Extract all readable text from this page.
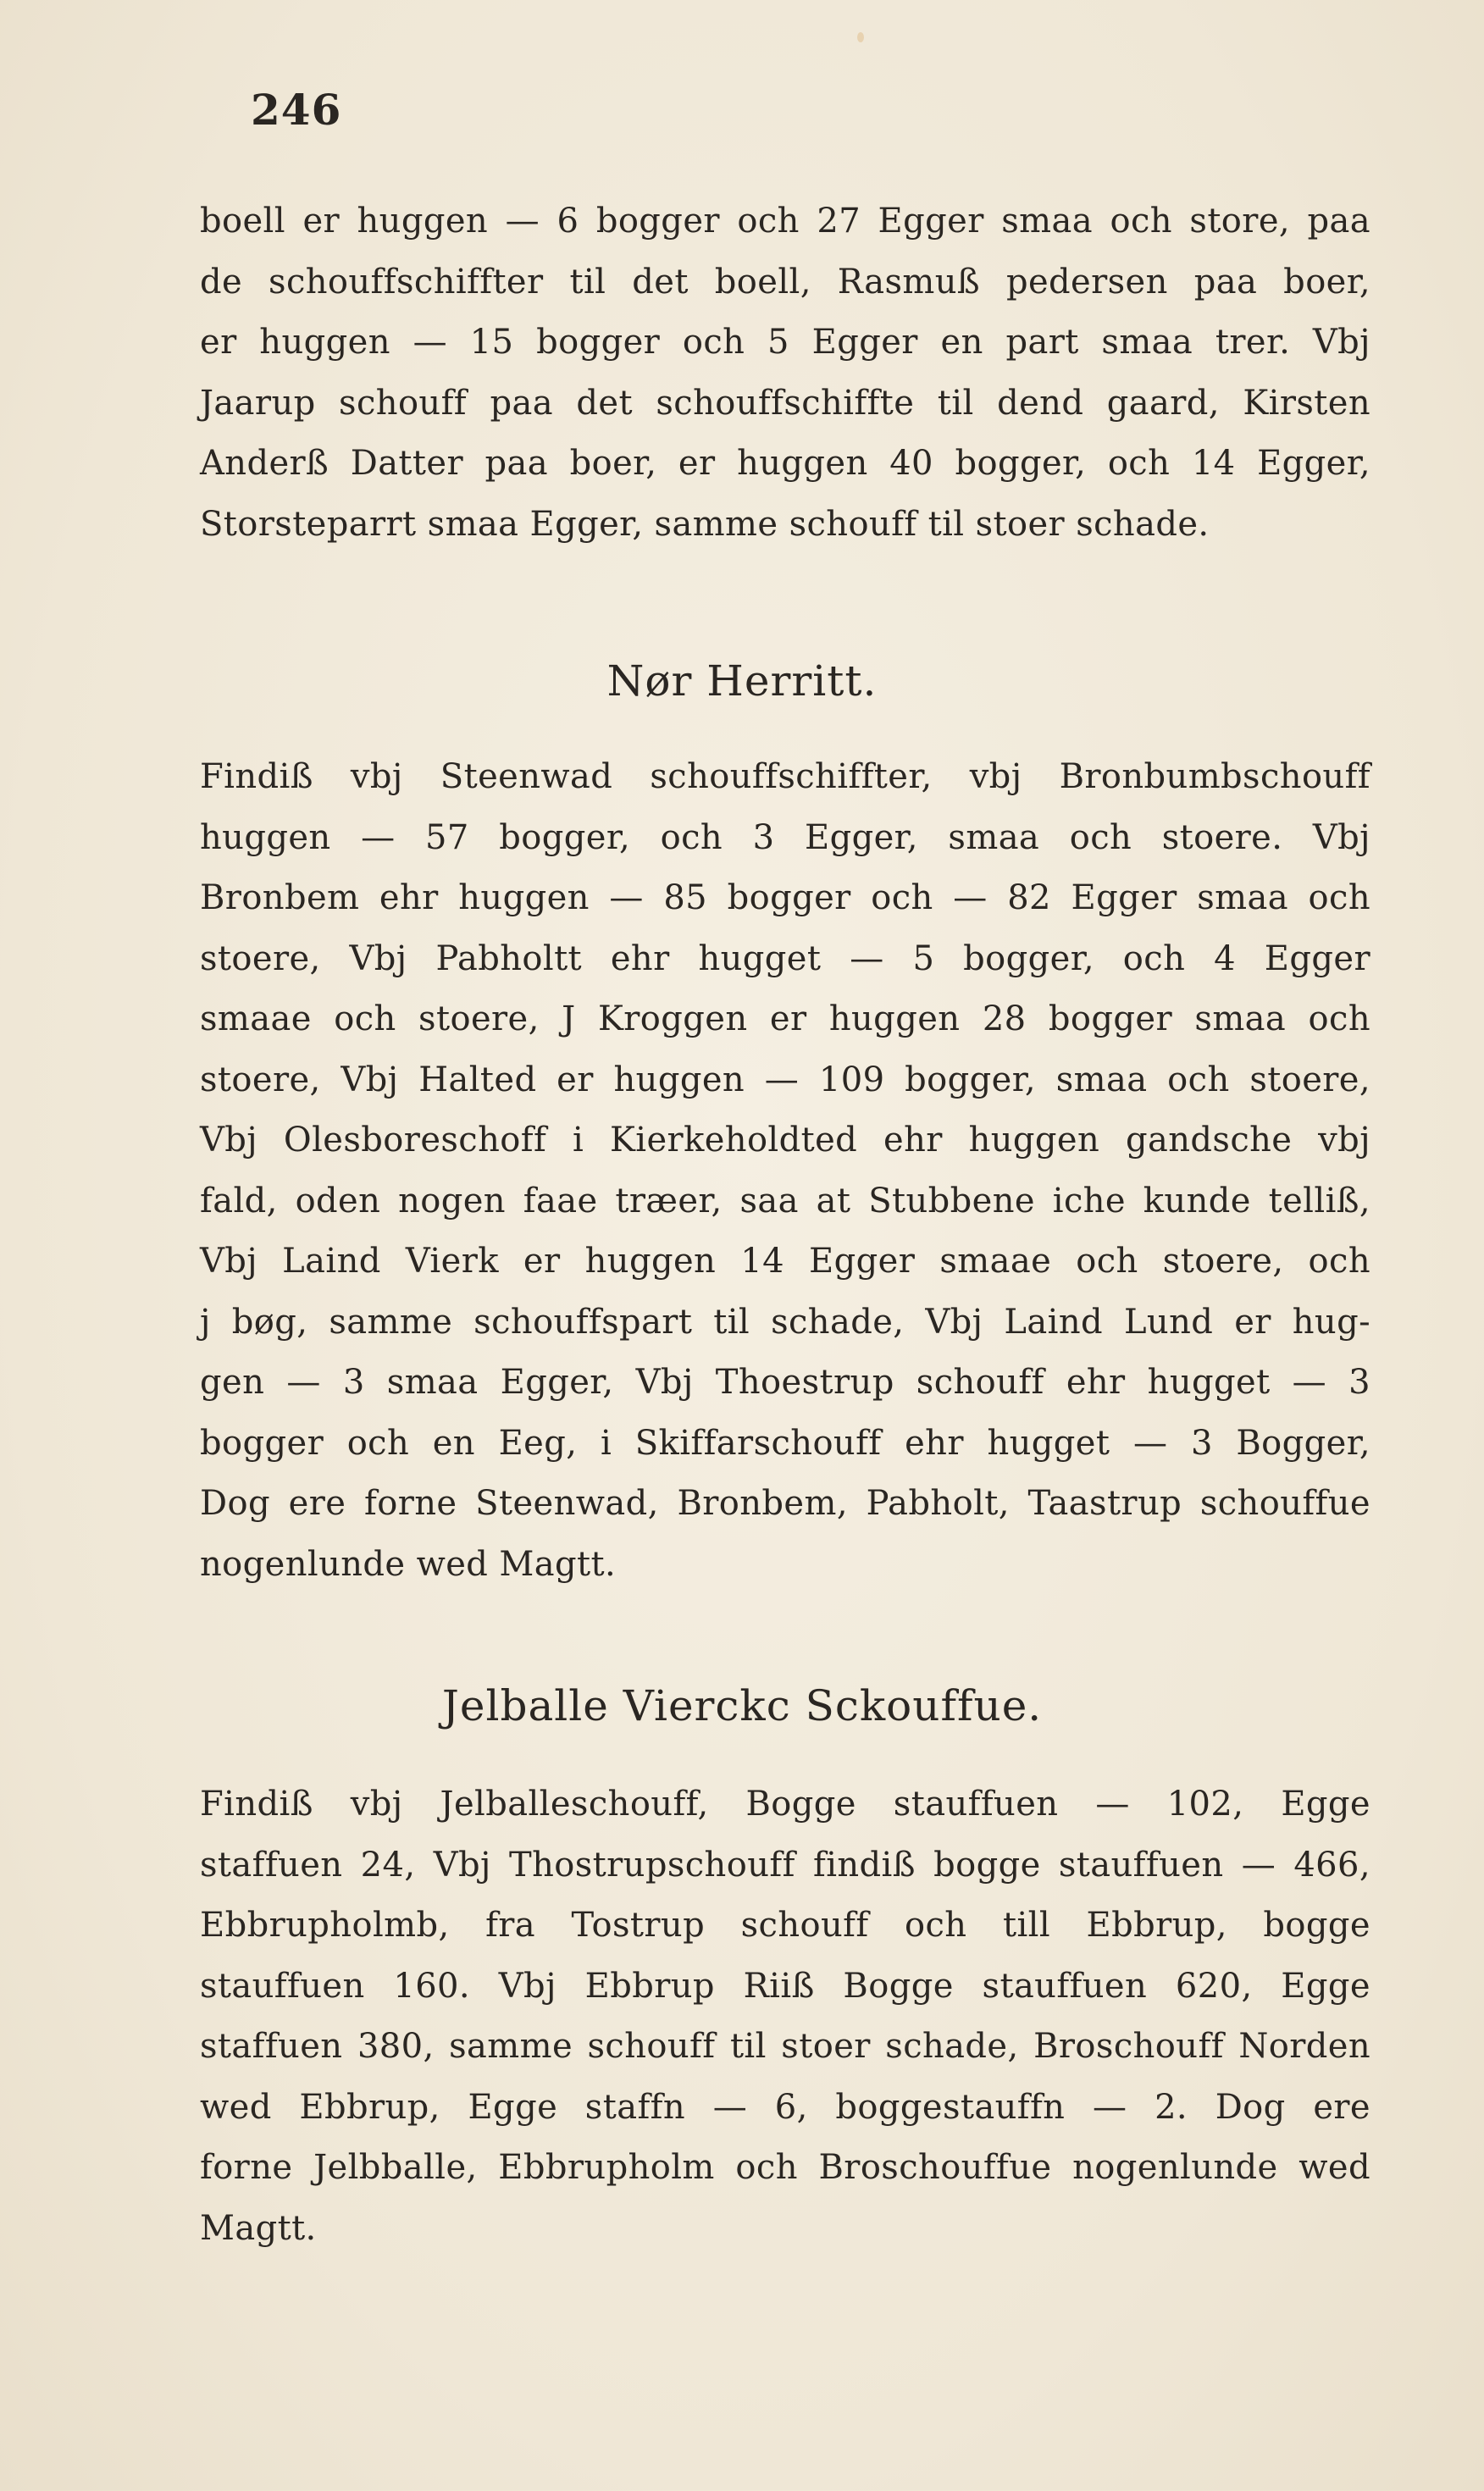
246
boell er huggen — 6 bogger och 27 Egger smaa och store, paa
de schouffschiffter til det boell, Rasmuß pedersen paa boer,
er huggen — 15 bogger och 5 Egger en part smaa trer. Vbj
Jaarup schouff paa det schouffschiffte til dend gaard, Kirsten
Anderß Datter paa boer, er huggen 40 bogger, och 14 Egger,
Storsteparrt smaa Egger, samme schouff til stoer schade.
Nør Herritt.
Findiß vbj Steenwad schouffschiffter, vbj Bronbumbschouff
huggen — 57 bogger, och 3 Egger, smaa och stoere. Vbj
Bronbem ehr huggen — 85 bogger och — 82 Egger smaa och
stoere, Vbj Pabholtt ehr hugget — 5 bogger, och 4 Egger
smaae och stoere, J Kroggen er huggen 28 bogger smaa och
stoere, Vbj Halted er huggen — 109 bogger, smaa och stoere,
Vbj Olesboreschoff i Kierkeholdted ehr huggen gandsche vbj
fald, oden nogen faae træer, saa at Stubbene iche kunde telliß,
Vbj Laind Vierk er huggen 14 Egger smaae och stoere, och
j bøg, samme schouffspart til schade, Vbj Laind Lund er hug-
gen — 3 smaa Egger, Vbj Thoestrup schouff ehr hugget — 3
bogger och en Eeg, i Skiffarschouff ehr hugget — 3 Bogger,
Dog ere forne Steenwad, Bronbem, Pabholt, Taastrup schouffue
nogenlunde wed Magtt.
Jelballe Vierckc Sckouffue.
Findiß vbj Jelballeschouff, Bogge stauffuen — 102, Egge
staffuen 24, Vbj Thostrupschouff findiß bogge stauffuen — 466,
Ebbrupholmb, fra Tostrup schouff och till Ebbrup, bogge
stauffuen 160. Vbj Ebbrup Riiß Bogge stauffuen 620, Egge
staffuen 380, samme schouff til stoer schade, Broschouff Norden
wed Ebbrup, Egge staffn — 6, boggestauffn — 2. Dog ere
forne Jelbballe, Ebbrupholm och Broschouffue nogenlunde wed
Magtt.
